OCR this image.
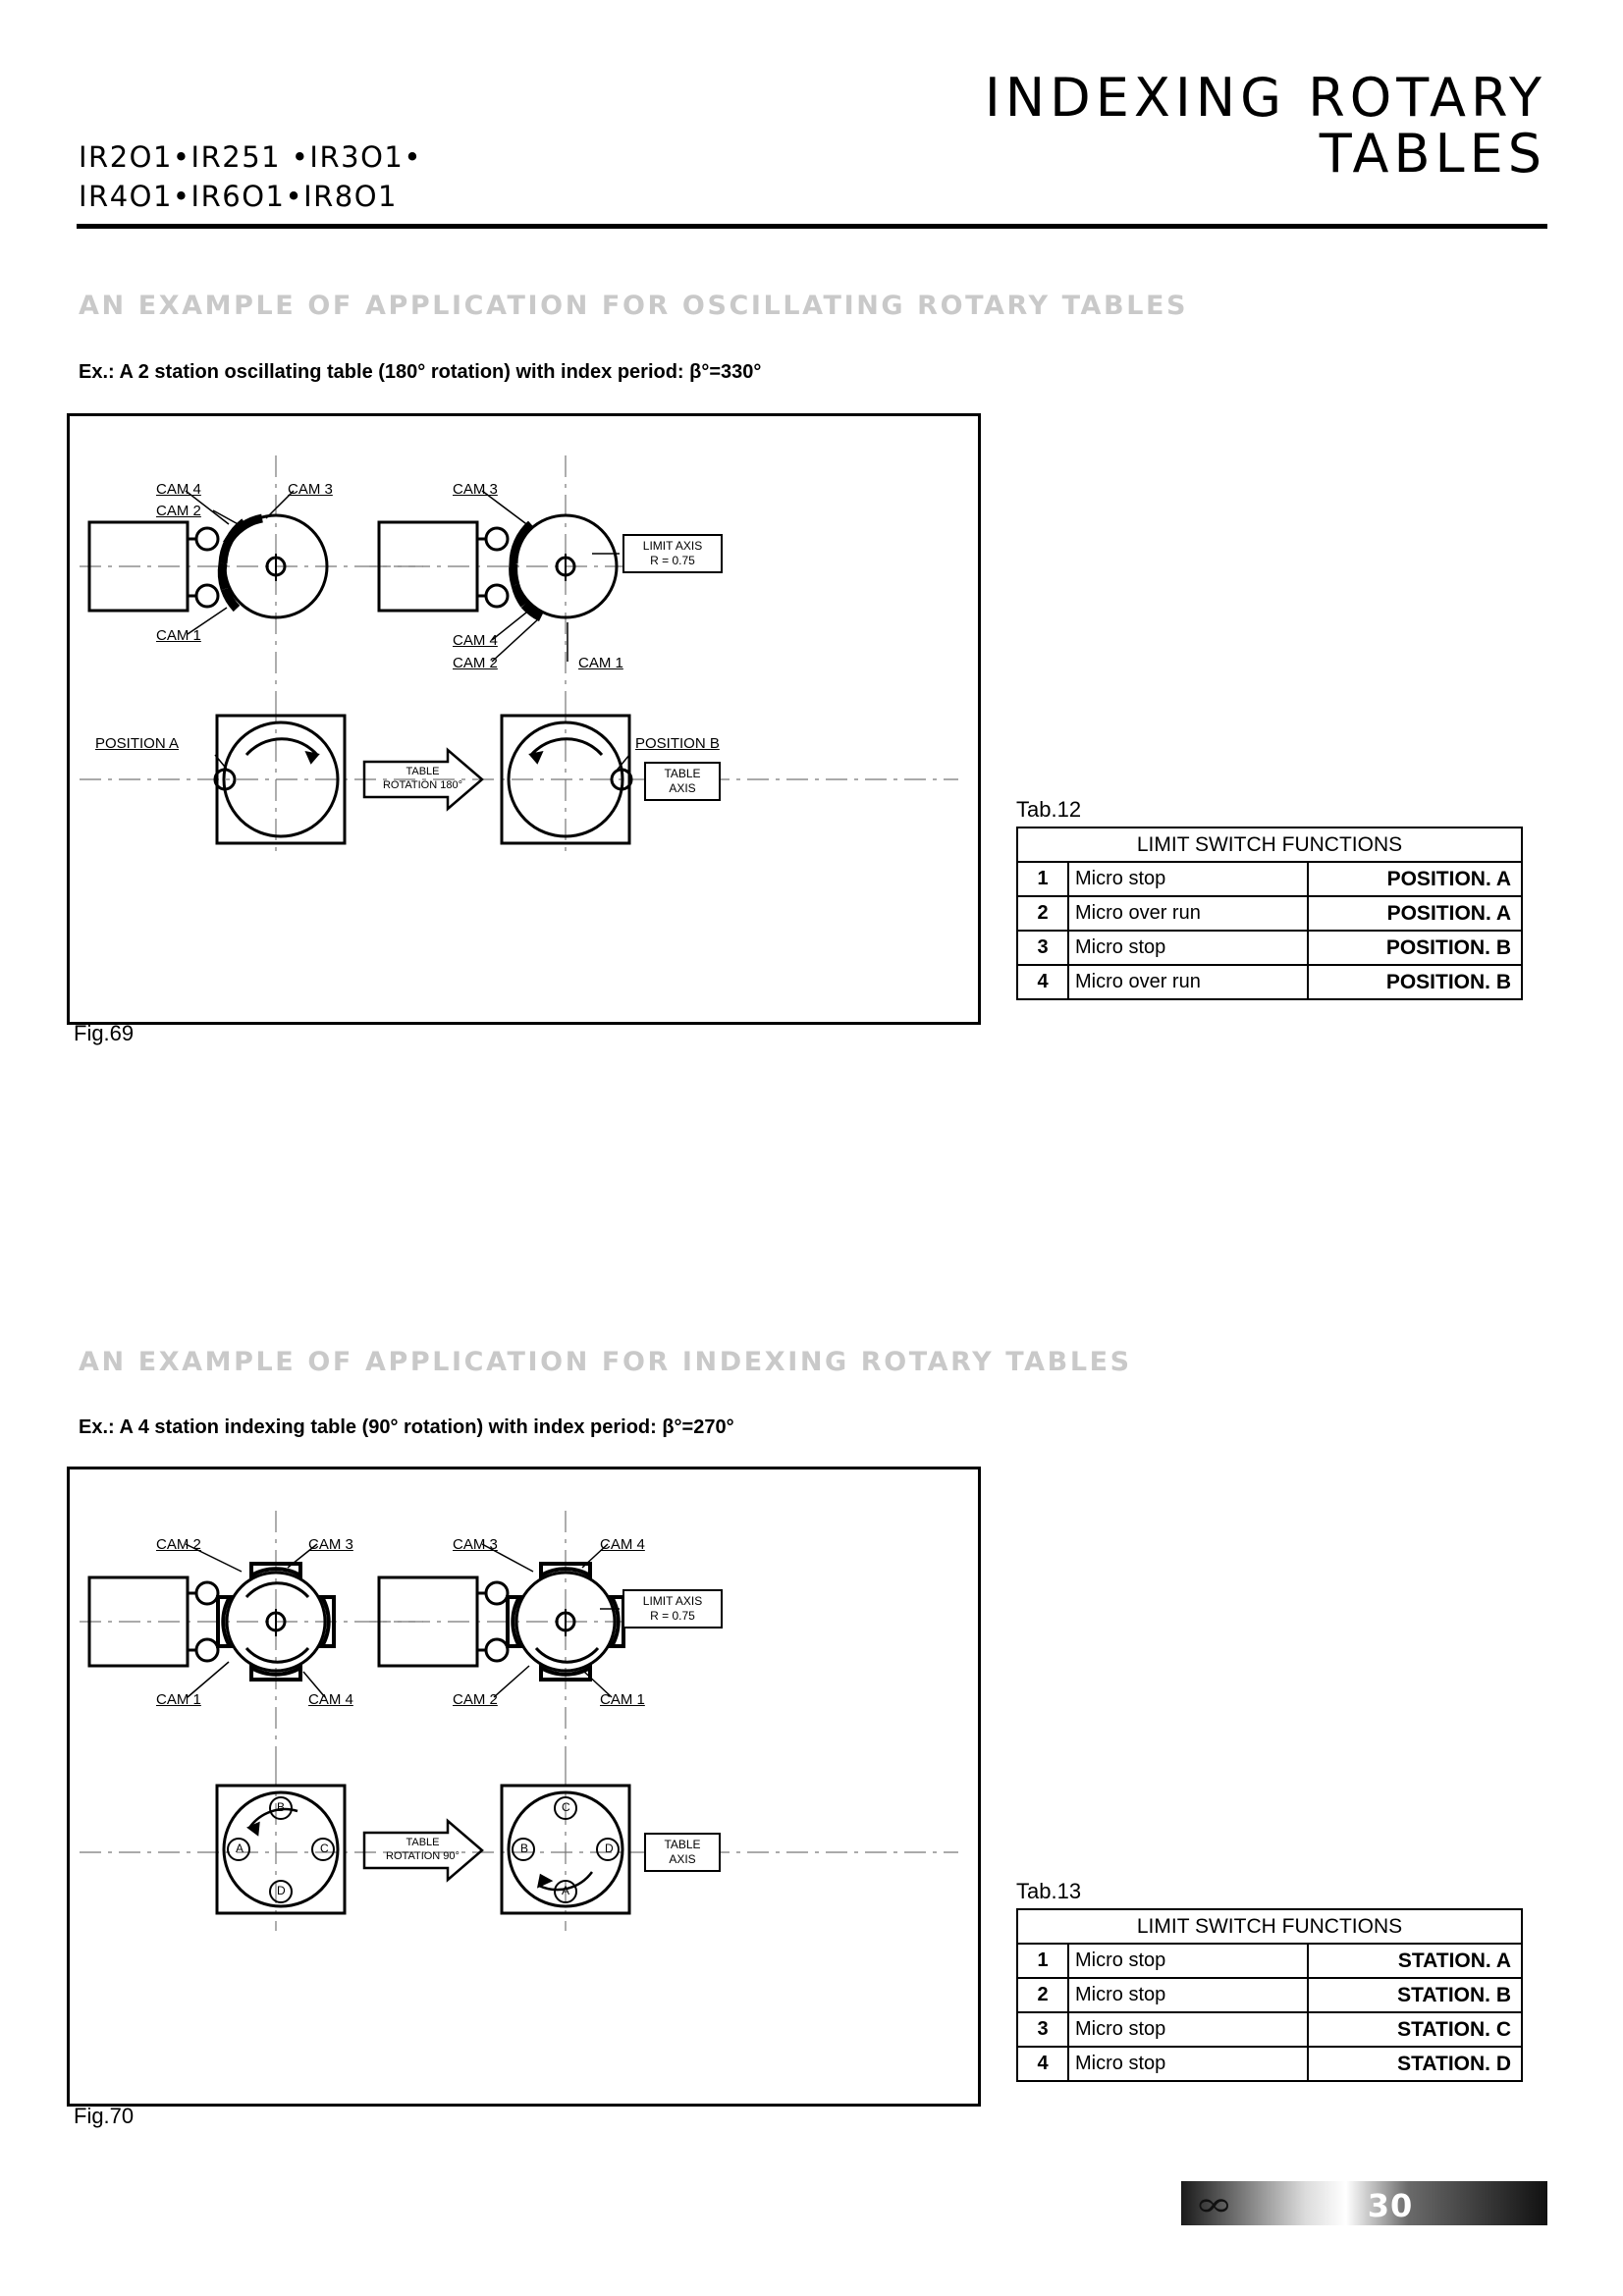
IR2O1•IR251 •IR3O1•
IR4O1•IR6O1•IR8O1
INDEXING ROTARY
TABLES
AN EXAMPLE OF APPLICATION FOR OSCILLATING ROTARY TABLES
Ex.: A 2 station oscillating table (180° rotation) with index period: β°=330°
CAM 4	CAM 3
CAM 2
CAM 1
CAM 3
CAM 4
CAM 2	CAM 1
LIMIT AXIS
R = 0.75
POSITION A	POSITION B
TABLE
ROTATION 180°
TABLE
AXIS
Fig.69
Tab.12
LIMIT SWITCH FUNCTIONS		
1	Micro stop	POSITION. A
2	Micro over run	POSITION. A
3	Micro stop	POSITION. B
4	Micro over run	POSITION. B
AN EXAMPLE OF APPLICATION FOR INDEXING ROTARY TABLES
Ex.: A 4 station indexing table (90° rotation) with index period: β°=270°
CAM 2	CAM 3
CAM 1	CAM 4
CAM 3	CAM 4
CAM 2	CAM 1
LIMIT AXIS
R = 0.75
B
A	C
D
C
B	D
A
TABLE
ROTATION 90°
TABLE
AXIS
Fig.70
Tab.13
LIMIT SWITCH FUNCTIONS		
1	Micro stop	STATION. A
2	Micro stop	STATION. B
3	Micro stop	STATION. C
4	Micro stop	STATION. D
∞	30
